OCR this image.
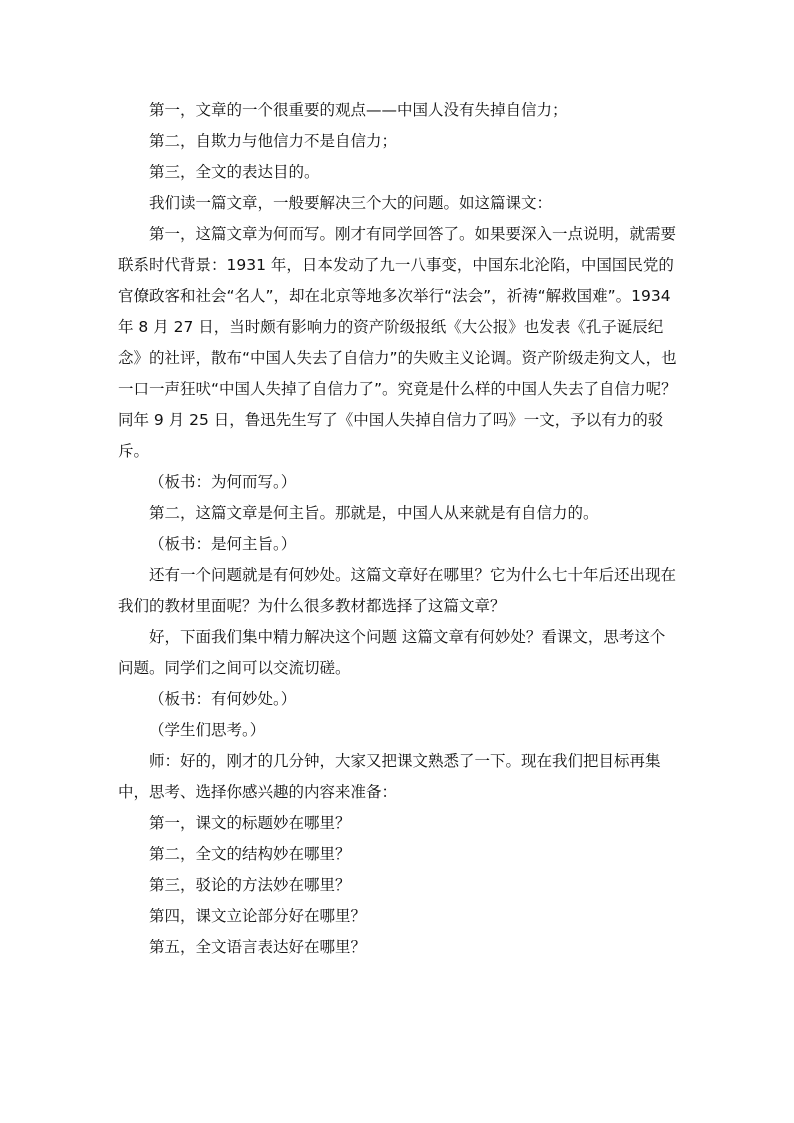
第一，文章的一个很重要的观点——中国人没有失掉自信力；

第二，自欺力与他信力不是自信力；

第三，全文的表达目的。

我们读一篇文章，一般要解决三个大的问题。如这篇课文：

第一，这篇文章为何而写。刚才有同学回答了。如果要深入一点说明，就需要联系时代背景：1931 年，日本发动了九一八事变，中国东北沦陷，中国国民党的官僚政客和社会“名人”，却在北京等地多次举行“法会”，祈祷“解救国难”。1934 年 8 月 27 日，当时颇有影响力的资产阶级报纸《大公报》也发表《孔子诞辰纪念》的社评，散布“中国人失去了自信力”的失败主义论调。资产阶级走狗文人，也一口一声狂吠“中国人失掉了自信力了”。究竟是什么样的中国人失去了自信力呢？同年 9 月 25 日，鲁迅先生写了《中国人失掉自信力了吗》一文，予以有力的驳斥。

（板书：为何而写。）

第二，这篇文章是何主旨。那就是，中国人从来就是有自信力的。

（板书：是何主旨。）

还有一个问题就是有何妙处。这篇文章好在哪里？它为什么七十年后还出现在我们的教材里面呢？为什么很多教材都选择了这篇文章？

好，下面我们集中精力解决这个问题 这篇文章有何妙处？看课文，思考这个问题。同学们之间可以交流切磋。

（板书：有何妙处。）

（学生们思考。）

师：好的，刚才的几分钟，大家又把课文熟悉了一下。现在我们把目标再集中，思考、选择你感兴趣的内容来准备：

第一，课文的标题妙在哪里？

第二，全文的结构妙在哪里？

第三，驳论的方法妙在哪里？

第四，课文立论部分好在哪里？

第五，全文语言表达好在哪里？
